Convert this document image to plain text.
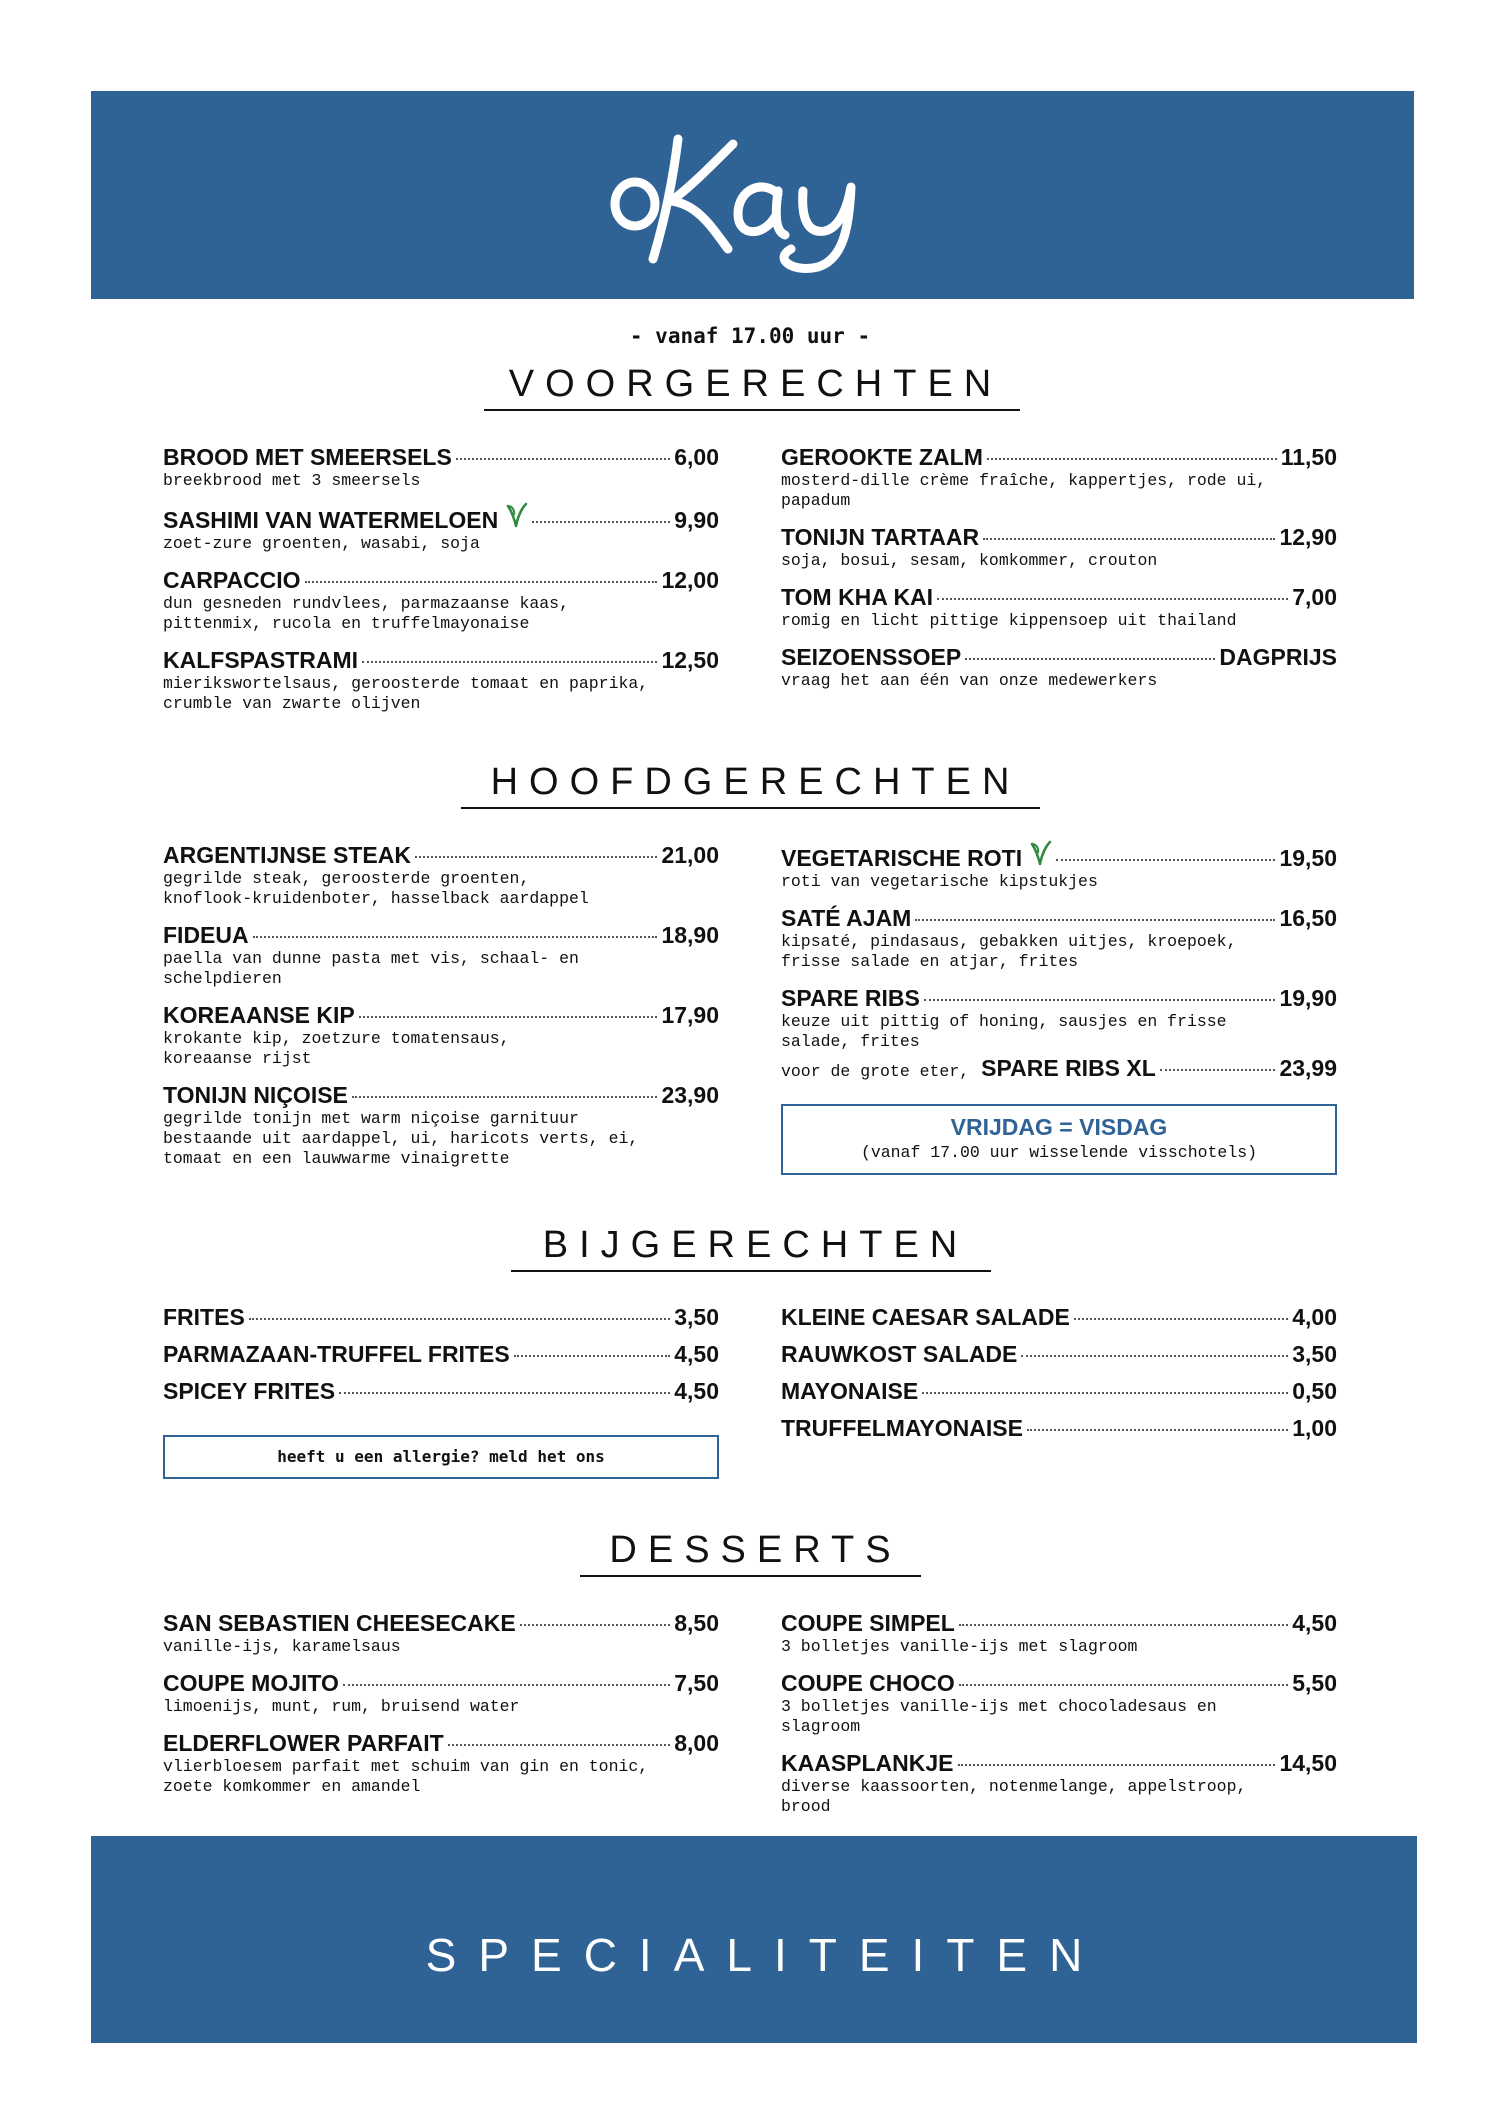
- vanaf 17.00 uur -
VOORGERECHTEN
BROOD MET SMEERSELS	6,00
breekbrood met 3 smeersels
SASHIMI VAN WATERMELOEN	9,90
zoet-zure groenten, wasabi, soja
CARPACCIO	12,00
dun gesneden rundvlees, parmazaanse kaas,
pittenmix, rucola en truffelmayonaise
KALFSPASTRAMI	12,50
mierikswortelsaus, geroosterde tomaat en paprika,
crumble van zwarte olijven
GEROOKTE ZALM	11,50
mosterd-dille crème fraîche, kappertjes, rode ui,
papadum
TONIJN TARTAAR	12,90
soja, bosui, sesam, komkommer, crouton
TOM KHA KAI	7,00
romig en licht pittige kippensoep uit thailand
SEIZOENSSOEP	DAGPRIJS
vraag het aan één van onze medewerkers
HOOFDGERECHTEN
ARGENTIJNSE STEAK	21,00
gegrilde steak, geroosterde groenten,
knoflook-kruidenboter, hasselback aardappel
FIDEUA	18,90
paella van dunne pasta met vis, schaal- en
schelpdieren
KOREAANSE KIP	17,90
krokante kip, zoetzure tomatensaus,
koreaanse rijst
TONIJN NIÇOISE	23,90
gegrilde tonijn met warm niçoise garnituur
bestaande uit aardappel, ui, haricots verts, ei,
tomaat en een lauwwarme vinaigrette
VEGETARISCHE ROTI	19,50
roti van vegetarische kipstukjes
SATÉ AJAM	16,50
kipsaté, pindasaus, gebakken uitjes, kroepoek,
frisse salade en atjar, frites
SPARE RIBS	19,90
keuze uit pittig of honing, sausjes en frisse
salade, frites
voor de grote eter, SPARE RIBS XL	23,99
VRIJDAG = VISDAG
(vanaf 17.00 uur wisselende visschotels)
BIJGERECHTEN
FRITES	3,50
PARMAZAAN-TRUFFEL FRITES	4,50
SPICEY FRITES	4,50
KLEINE CAESAR SALADE	4,00
RAUWKOST SALADE	3,50
MAYONAISE	0,50
TRUFFELMAYONAISE	1,00
heeft u een allergie? meld het ons
DESSERTS
SAN SEBASTIEN CHEESECAKE	8,50
vanille-ijs, karamelsaus
COUPE MOJITO	7,50
limoenijs, munt, rum, bruisend water
ELDERFLOWER PARFAIT	8,00
vlierbloesem parfait met schuim van gin en tonic,
zoete komkommer en amandel
COUPE SIMPEL	4,50
3 bolletjes vanille-ijs met slagroom
COUPE CHOCO	5,50
3 bolletjes vanille-ijs met chocoladesaus en
slagroom
KAASPLANKJE	14,50
diverse kaassoorten, notenmelange, appelstroop,
brood
SPECIALITEITEN
